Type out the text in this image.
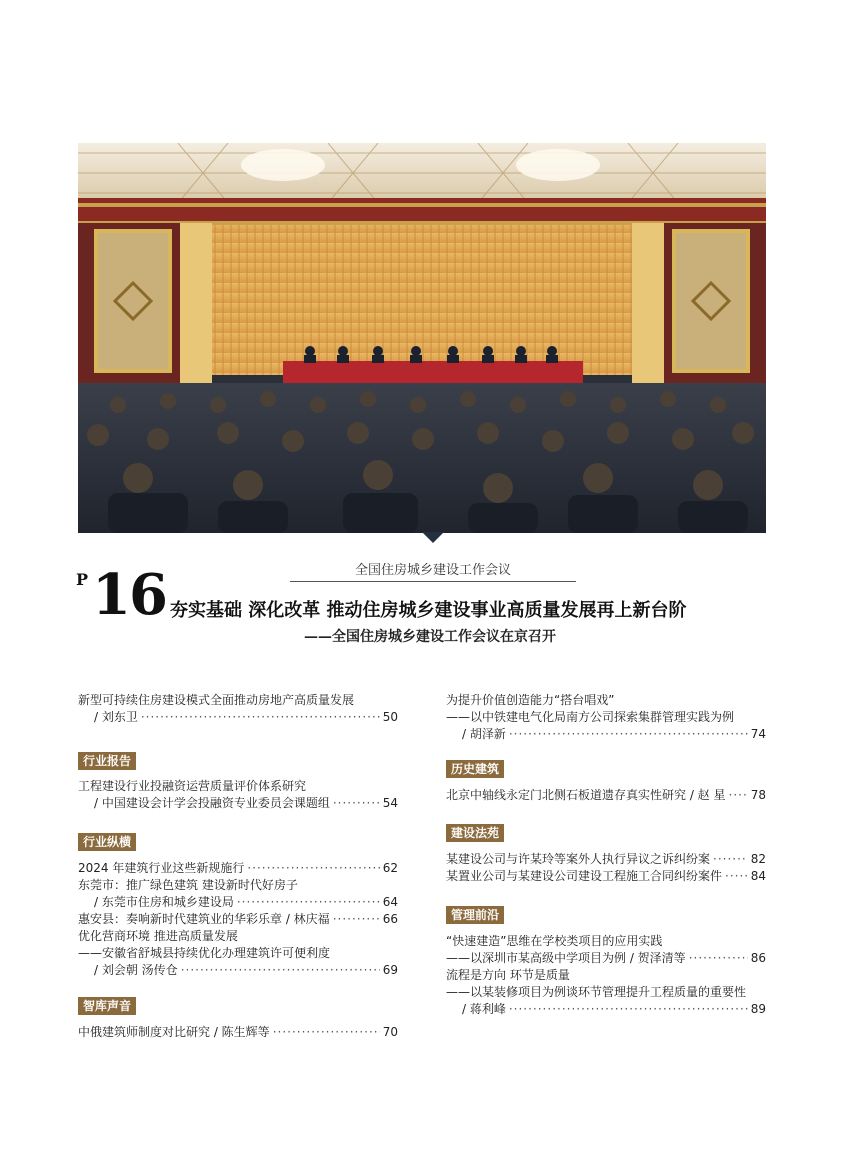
全国住房城乡建设工作会议
P 16 夯实基础 深化改革 推动住房城乡建设事业高质量发展再上新台阶
——全国住房城乡建设工作会议在京召开
新型可持续住房建设模式全面推动房地产高质量发展
/ 刘东卫 ·····	50
行业报告
工程建设行业投融资运营质量评价体系研究
/ 中国建设会计学会投融资专业委员会课题组 ·····	54
行业纵横
2024 年建筑行业这些新规施行 ·····	62
东莞市：推广绿色建筑 建设新时代好房子
/ 东莞市住房和城乡建设局 ·····	64
惠安县：奏响新时代建筑业的华彩乐章 / 林庆福 ·····	66
优化营商环境 推进高质量发展
——安徽省舒城县持续优化办理建筑许可便利度
/ 刘会朝 汤传仓 ·····	69
智库声音
中俄建筑师制度对比研究 / 陈生辉等 ·····	70
为提升价值创造能力“搭台唱戏”
——以中铁建电气化局南方公司探索集群管理实践为例
/ 胡泽新 ·····	74
历史建筑
北京中轴线永定门北侧石板道遗存真实性研究 / 赵 星 ····· 78
建设法苑
某建设公司与许某玲等案外人执行异议之诉纠纷案 ·····	82
某置业公司与某建设公司建设工程施工合同纠纷案件 ····· 84
管理前沿
“快速建造”思维在学校类项目的应用实践
——以深圳市某高级中学项目为例 / 贺泽清等 ·····	86
流程是方向 环节是质量
——以某装修项目为例谈环节管理提升工程质量的重要性
/ 蒋利峰 ·····	89
